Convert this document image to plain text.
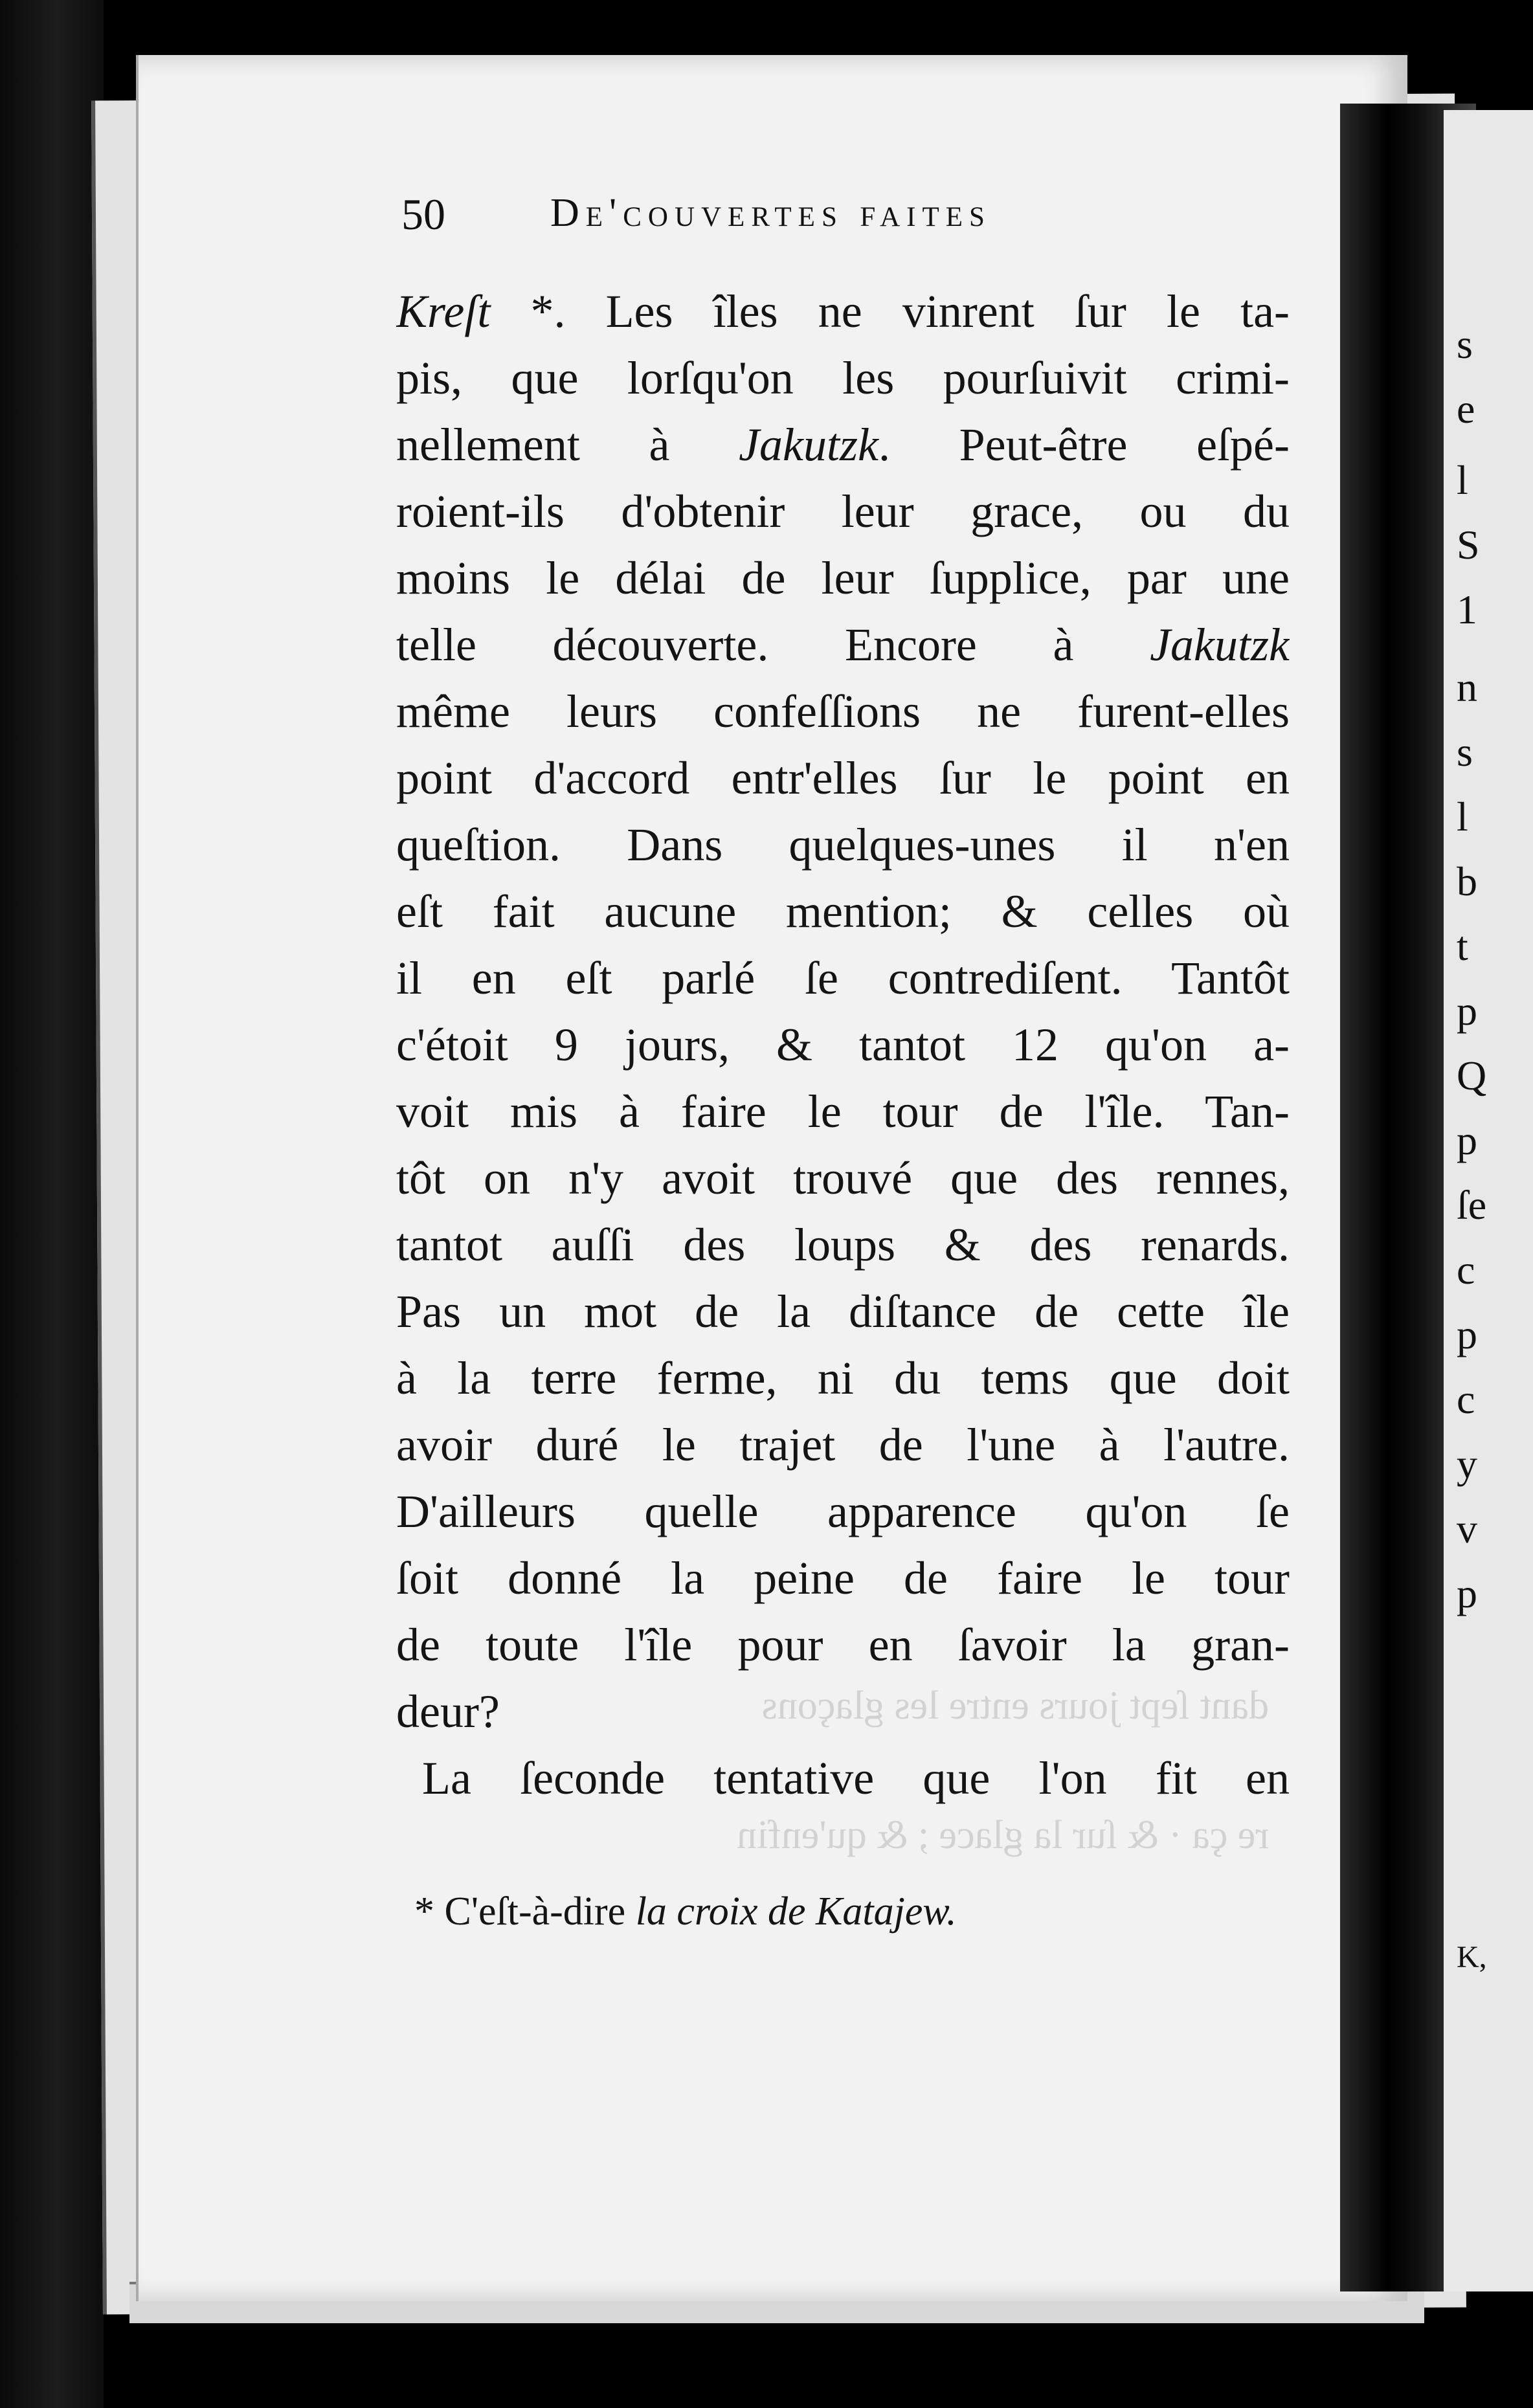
dant ſept jours entre les glaçons
re ça · & ſur la glace ; & qu'enfin
50	De'couvertes faites
Kreſt *. Les îles ne vinrent ſur le ta-
pis, que lorſqu'on les pourſuivit crimi-
nellement à Jakutzk. Peut-être eſpé-
roient-ils d'obtenir leur grace, ou du
moins le délai de leur ſupplice, par une
telle découverte. Encore à Jakutzk
même leurs confeſſions ne furent-elles
point d'accord entr'elles ſur le point en
queſtion. Dans quelques-unes il n'en
eſt fait aucune mention; & celles où
il en eſt parlé ſe contrediſent. Tantôt
c'étoit 9 jours, & tantot 12 qu'on a-
voit mis à faire le tour de l'île. Tan-
tôt on n'y avoit trouvé que des rennes,
tantot auſſi des loups & des renards.
Pas un mot de la diſtance de cette île
à la terre ferme, ni du tems que doit
avoir duré le trajet de l'une à l'autre.
D'ailleurs quelle apparence qu'on ſe
ſoit donné la peine de faire le tour
de toute l'île pour en ſavoir la gran-
deur?
La ſeconde tentative que l'on fit en
* C'eſt-à-dire la croix de Katajew.
s
e
l
S
1
n
s
l
b
t
p
Q
p
ſe
c
p
c
y
v
p
K,
